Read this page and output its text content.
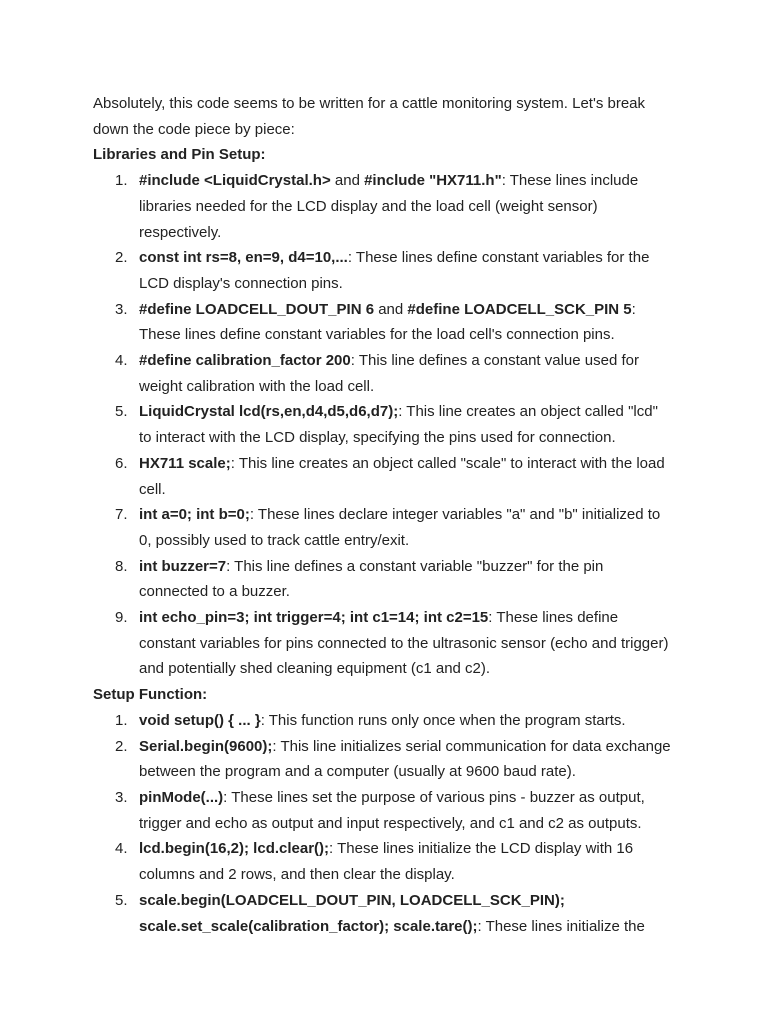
Absolutely, this code seems to be written for a cattle monitoring system. Let's break down the code piece by piece:

Libraries and Pin Setup:

1. #include <LiquidCrystal.h> and #include "HX711.h": These lines include libraries needed for the LCD display and the load cell (weight sensor) respectively.
2. const int rs=8, en=9, d4=10,...: These lines define constant variables for the LCD display's connection pins.
3. #define LOADCELL_DOUT_PIN 6 and #define LOADCELL_SCK_PIN 5: These lines define constant variables for the load cell's connection pins.
4. #define calibration_factor 200: This line defines a constant value used for weight calibration with the load cell.
5. LiquidCrystal lcd(rs,en,d4,d5,d6,d7);: This line creates an object called "lcd" to interact with the LCD display, specifying the pins used for connection.
6. HX711 scale;: This line creates an object called "scale" to interact with the load cell.
7. int a=0; int b=0;: These lines declare integer variables "a" and "b" initialized to 0, possibly used to track cattle entry/exit.
8. int buzzer=7: This line defines a constant variable "buzzer" for the pin connected to a buzzer.
9. int echo_pin=3; int trigger=4; int c1=14; int c2=15: These lines define constant variables for pins connected to the ultrasonic sensor (echo and trigger) and potentially shed cleaning equipment (c1 and c2).

Setup Function:

1. void setup() { ... }: This function runs only once when the program starts.
2. Serial.begin(9600);: This line initializes serial communication for data exchange between the program and a computer (usually at 9600 baud rate).
3. pinMode(...): These lines set the purpose of various pins - buzzer as output, trigger and echo as output and input respectively, and c1 and c2 as outputs.
4. lcd.begin(16,2); lcd.clear();: These lines initialize the LCD display with 16 columns and 2 rows, and then clear the display.
5. scale.begin(LOADCELL_DOUT_PIN, LOADCELL_SCK_PIN); scale.set_scale(calibration_factor); scale.tare();: These lines initialize the
